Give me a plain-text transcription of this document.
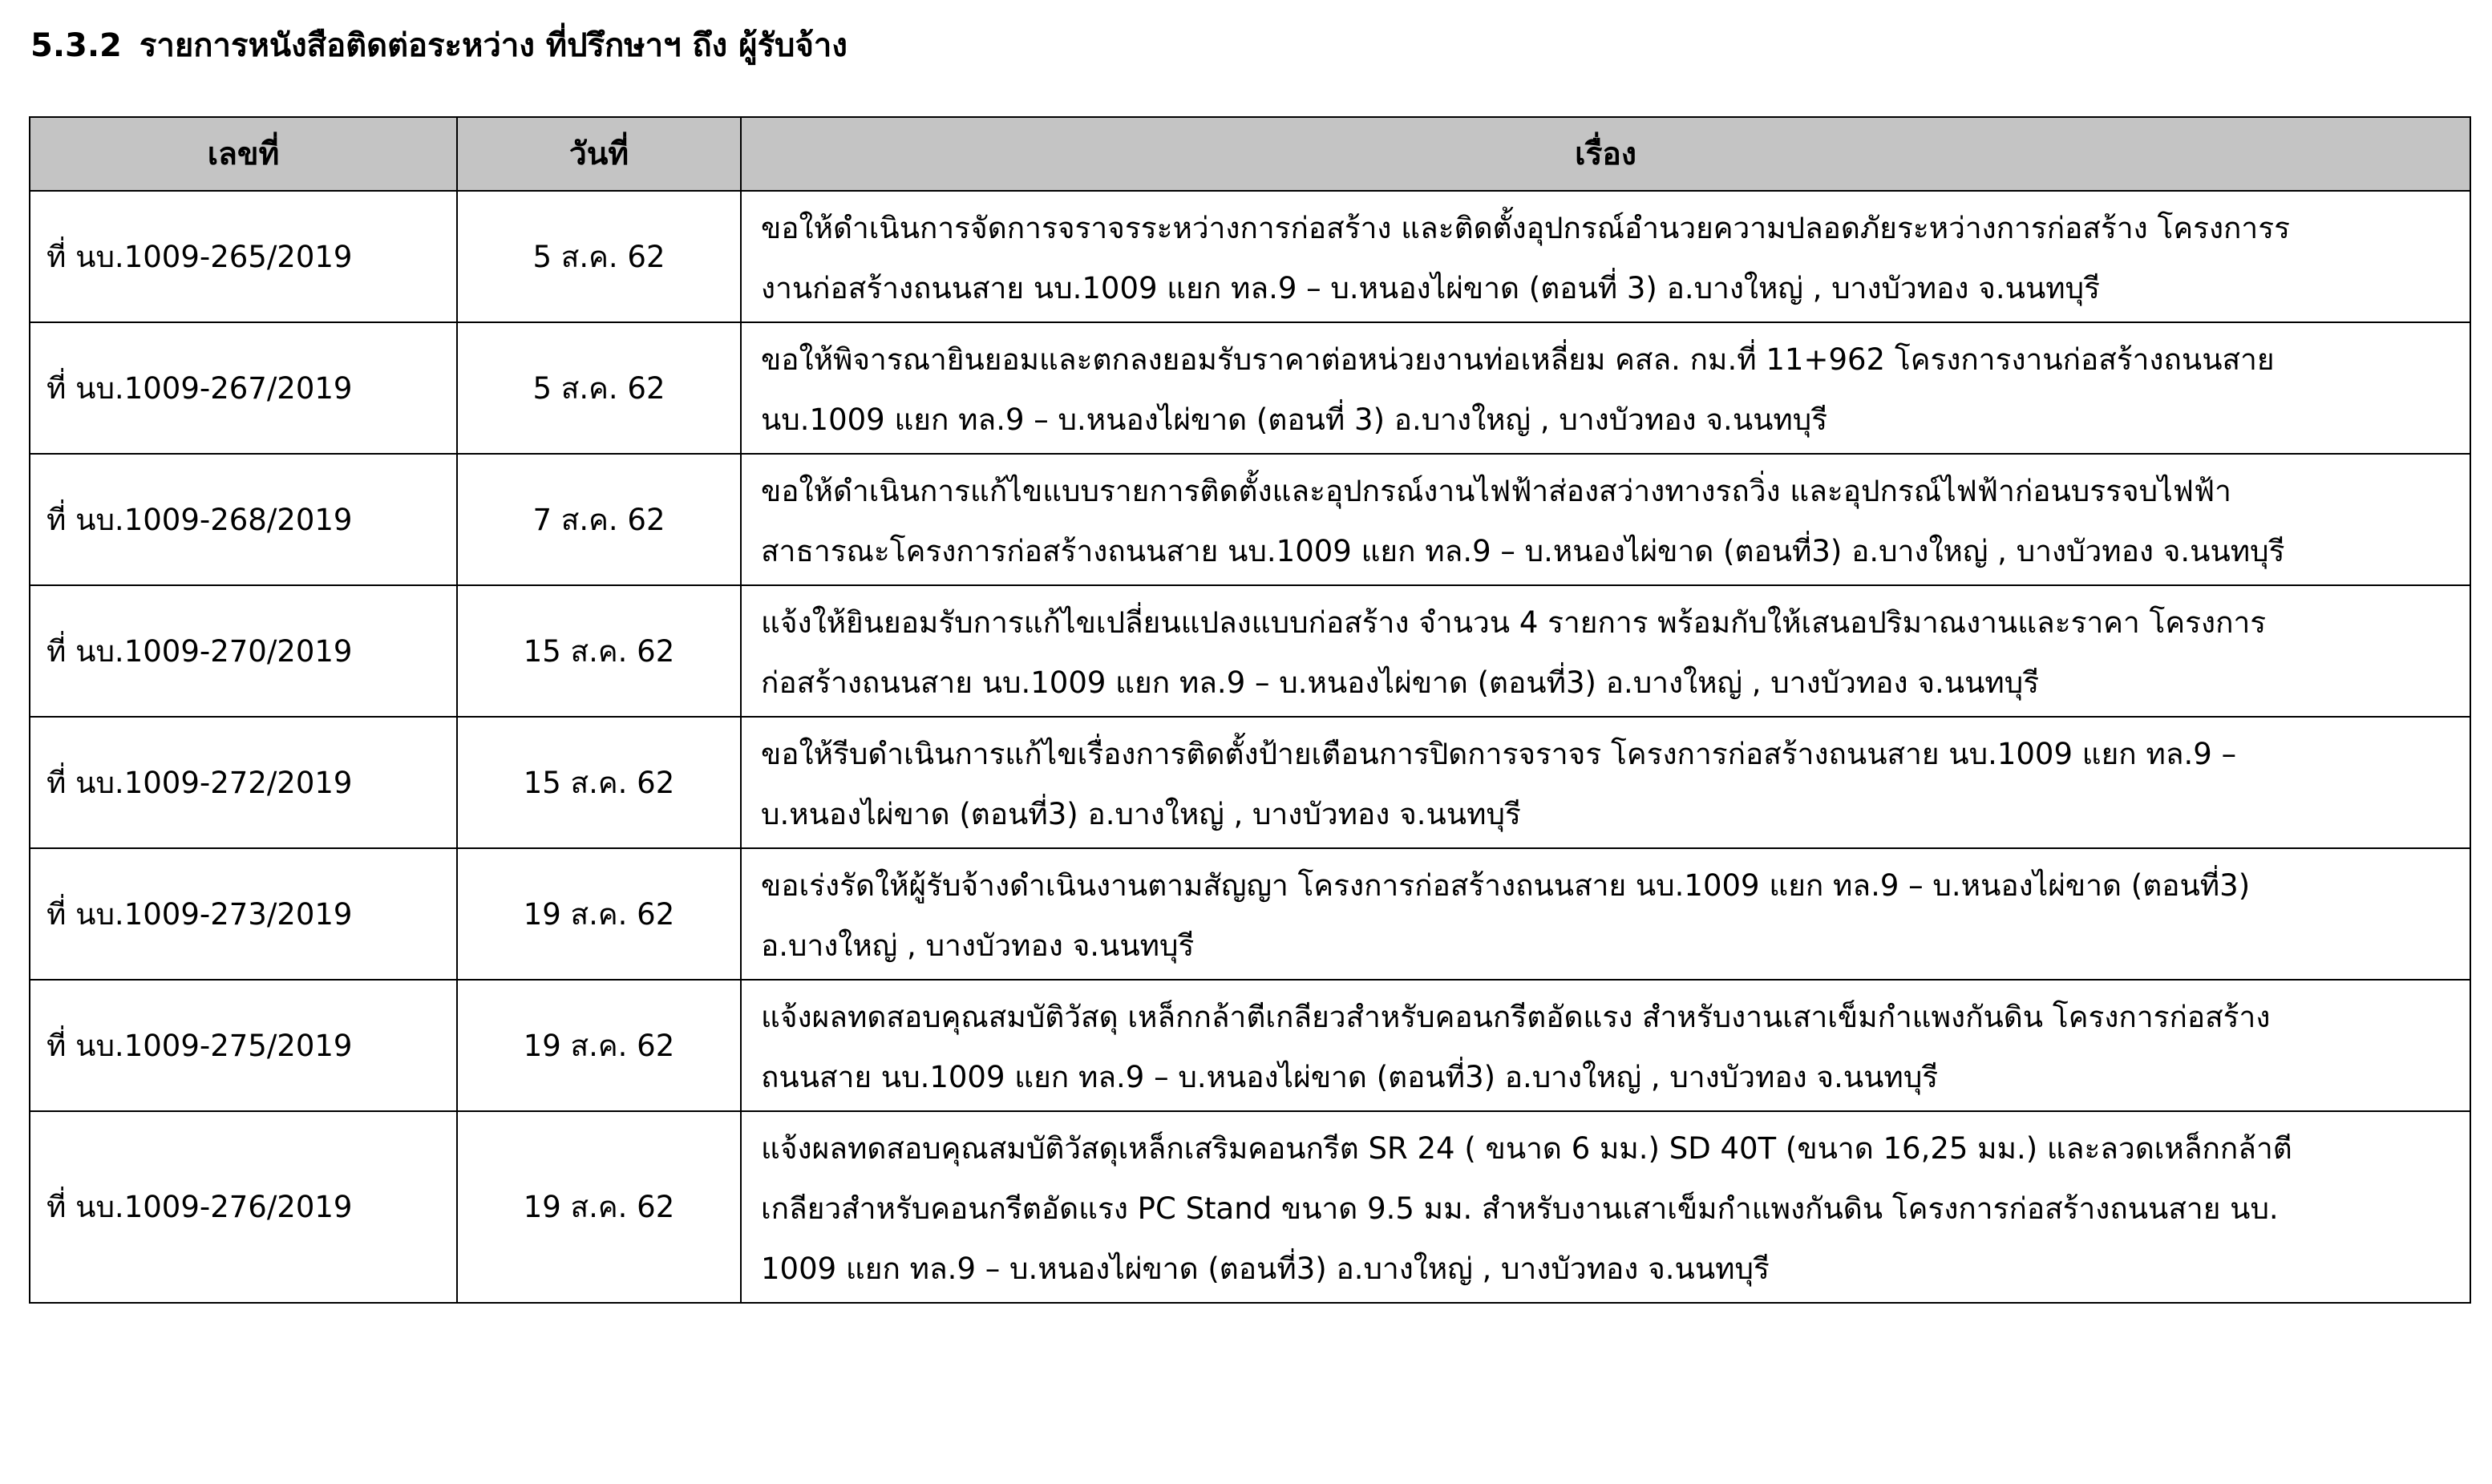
5.3.2 รายการหนังสือติดต่อระหว่าง ที่ปรึกษาฯ ถึง ผู้รับจ้าง
เลขที่	วันที่	เรื่อง
ที่ นบ.1009-265/2019	5 ส.ค. 62	ขอให้ดำเนินการจัดการจราจรระหว่างการก่อสร้าง และติดตั้งอุปกรณ์อำนวยความปลอดภัยระหว่างการก่อสร้าง โครงการร
งานก่อสร้างถนนสาย นบ.1009 แยก ทล.9 – บ.หนองไผ่ขาด (ตอนที่ 3) อ.บางใหญ่ , บางบัวทอง จ.นนทบุรี

ที่ นบ.1009-267/2019	5 ส.ค. 62	ขอให้พิจารณายินยอมและตกลงยอมรับราคาต่อหน่วยงานท่อเหลี่ยม คสล. กม.ที่ 11+962 โครงการงานก่อสร้างถนนสาย
นบ.1009 แยก ทล.9 – บ.หนองไผ่ขาด (ตอนที่ 3) อ.บางใหญ่ , บางบัวทอง จ.นนทบุรี

ที่ นบ.1009-268/2019	7 ส.ค. 62	ขอให้ดำเนินการแก้ไขแบบรายการติดตั้งและอุปกรณ์งานไฟฟ้าส่องสว่างทางรถวิ่ง และอุปกรณ์ไฟฟ้าก่อนบรรจบไฟฟ้า
สาธารณะโครงการก่อสร้างถนนสาย นบ.1009 แยก ทล.9 – บ.หนองไผ่ขาด (ตอนที่3) อ.บางใหญ่ , บางบัวทอง จ.นนทบุรี

ที่ นบ.1009-270/2019	15 ส.ค. 62	แจ้งให้ยินยอมรับการแก้ไขเปลี่ยนแปลงแบบก่อสร้าง จำนวน 4 รายการ พร้อมกับให้เสนอปริมาณงานและราคา โครงการ
ก่อสร้างถนนสาย นบ.1009 แยก ทล.9 – บ.หนองไผ่ขาด (ตอนที่3) อ.บางใหญ่ , บางบัวทอง จ.นนทบุรี

ที่ นบ.1009-272/2019	15 ส.ค. 62	ขอให้รีบดำเนินการแก้ไขเรื่องการติดตั้งป้ายเตือนการปิดการจราจร โครงการก่อสร้างถนนสาย นบ.1009 แยก ทล.9 –
บ.หนองไผ่ขาด (ตอนที่3) อ.บางใหญ่ , บางบัวทอง จ.นนทบุรี

ที่ นบ.1009-273/2019	19 ส.ค. 62	ขอเร่งรัดให้ผู้รับจ้างดำเนินงานตามสัญญา โครงการก่อสร้างถนนสาย นบ.1009 แยก ทล.9 – บ.หนองไผ่ขาด (ตอนที่3)
อ.บางใหญ่ , บางบัวทอง จ.นนทบุรี

ที่ นบ.1009-275/2019	19 ส.ค. 62	แจ้งผลทดสอบคุณสมบัติวัสดุ เหล็กกล้าตีเกลียวสำหรับคอนกรีตอัดแรง สำหรับงานเสาเข็มกำแพงกันดิน โครงการก่อสร้าง
ถนนสาย นบ.1009 แยก ทล.9 – บ.หนองไผ่ขาด (ตอนที่3) อ.บางใหญ่ , บางบัวทอง จ.นนทบุรี

ที่ นบ.1009-276/2019	19 ส.ค. 62	แจ้งผลทดสอบคุณสมบัติวัสดุเหล็กเสริมคอนกรีต SR 24 ( ขนาด 6 มม.) SD 40T (ขนาด 16,25 มม.) และลวดเหล็กกล้าตี
เกลียวสำหรับคอนกรีตอัดแรง PC Stand ขนาด 9.5 มม. สำหรับงานเสาเข็มกำแพงกันดิน โครงการก่อสร้างถนนสาย นบ.
1009 แยก ทล.9 – บ.หนองไผ่ขาด (ตอนที่3) อ.บางใหญ่ , บางบัวทอง จ.นนทบุรี
